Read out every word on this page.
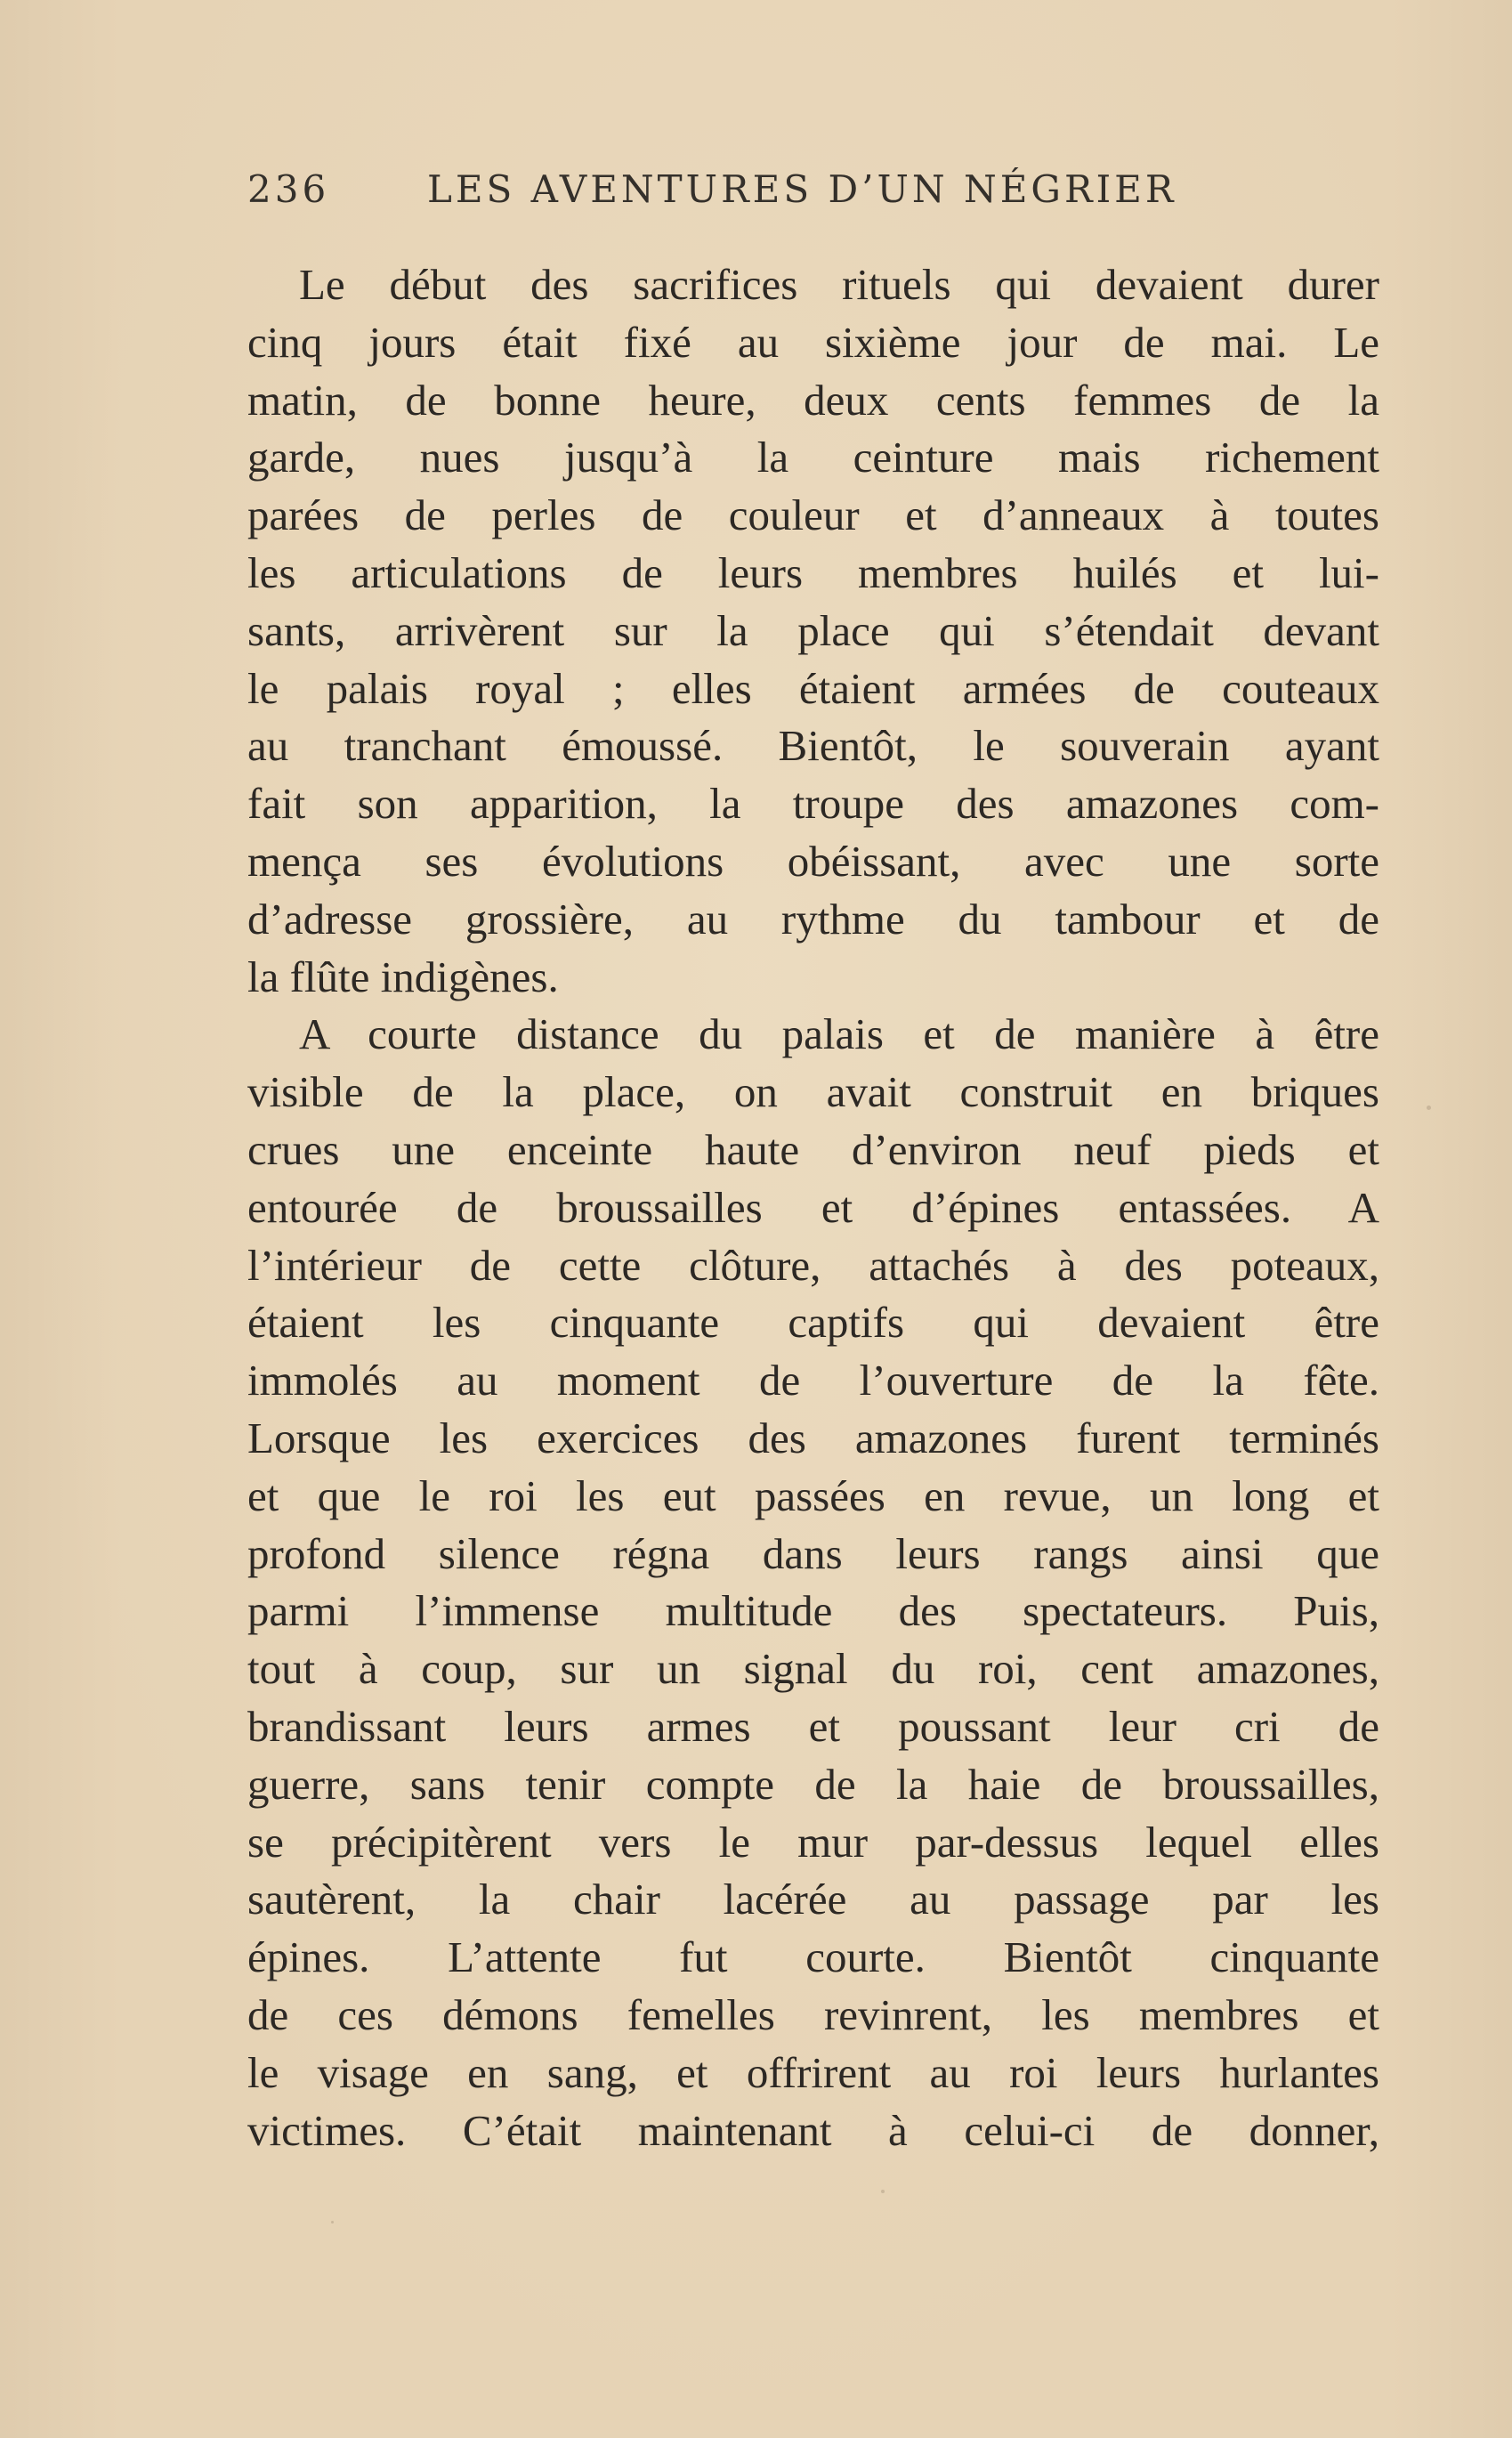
236	LES AVENTURES D’UN NÉGRIER
Le début des sacrifices rituels qui devaient durer
cinq jours était fixé au sixième jour de mai. Le
matin, de bonne heure, deux cents femmes de la
garde, nues jusqu’à la ceinture mais richement
parées de perles de couleur et d’anneaux à toutes
les articulations de leurs membres huilés et lui-
sants, arrivèrent sur la place qui s’étendait devant
le palais royal ; elles étaient armées de couteaux
au tranchant émoussé. Bientôt, le souverain ayant
fait son apparition, la troupe des amazones com-
mença ses évolutions obéissant, avec une sorte
d’adresse grossière, au rythme du tambour et de
la flûte indigènes.
A courte distance du palais et de manière à être
visible de la place, on avait construit en briques
crues une enceinte haute d’environ neuf pieds et
entourée de broussailles et d’épines entassées. A
l’intérieur de cette clôture, attachés à des poteaux,
étaient les cinquante captifs qui devaient être
immolés au moment de l’ouverture de la fête.
Lorsque les exercices des amazones furent terminés
et que le roi les eut passées en revue, un long et
profond silence régna dans leurs rangs ainsi que
parmi l’immense multitude des spectateurs. Puis,
tout à coup, sur un signal du roi, cent amazones,
brandissant leurs armes et poussant leur cri de
guerre, sans tenir compte de la haie de broussailles,
se précipitèrent vers le mur par-dessus lequel elles
sautèrent, la chair lacérée au passage par les
épines. L’attente fut courte. Bientôt cinquante
de ces démons femelles revinrent, les membres et
le visage en sang, et offrirent au roi leurs hurlantes
victimes. C’était maintenant à celui-ci de donner,
